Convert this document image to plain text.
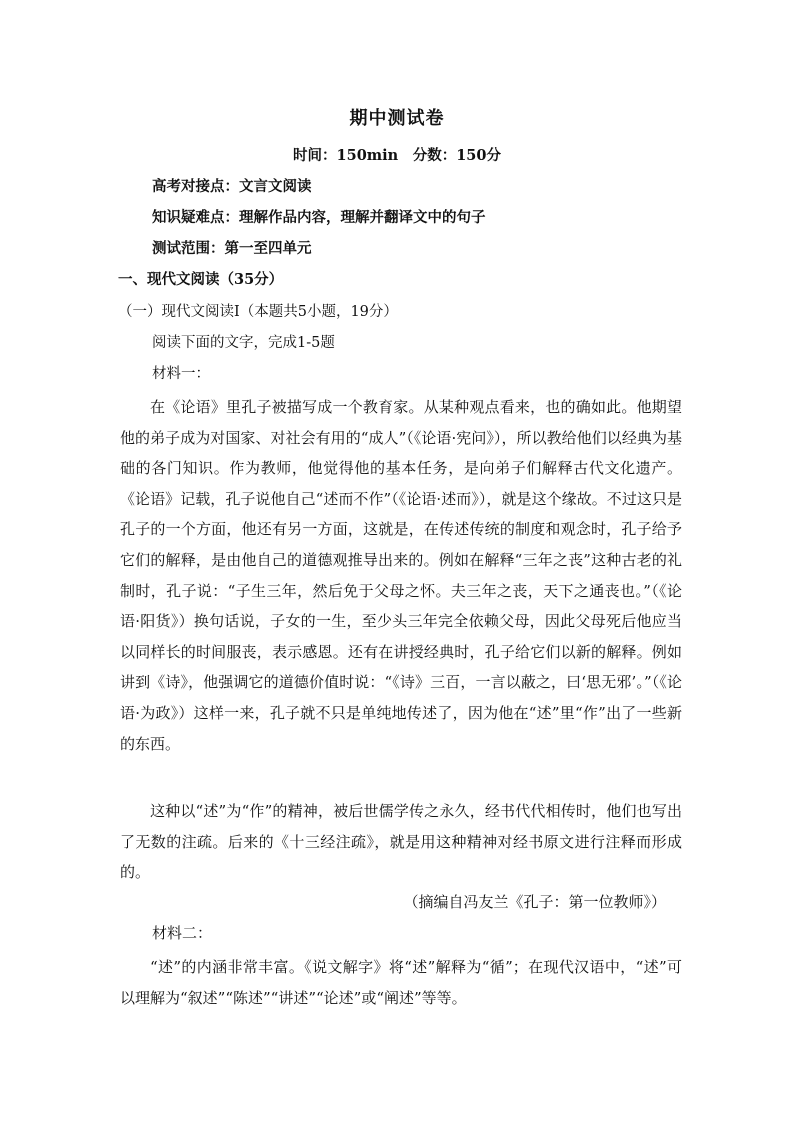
期中测试卷
时间：150min　分数：150分
高考对接点：文言文阅读
知识疑难点：理解作品内容，理解并翻译文中的句子
测试范围：第一至四单元
一、现代文阅读（35分）
（一）现代文阅读Ⅰ（本题共5小题，19分）
阅读下面的文字，完成1-5题
材料一：

在《论语》里孔子被描写成一个教育家。从某种观点看来，也的确如此。他期望他的弟子成为对国家、对社会有用的“成人”（《论语·宪问》），所以教给他们以经典为基础的各门知识。作为教师，他觉得他的基本任务，是向弟子们解释古代文化遗产。《论语》记载，孔子说他自己“述而不作”（《论语·述而》），就是这个缘故。不过这只是孔子的一个方面，他还有另一方面，这就是，在传述传统的制度和观念时，孔子给予它们的解释，是由他自己的道德观推导出来的。例如在解释“三年之丧”这种古老的礼制时，孔子说：“子生三年，然后免于父母之怀。夫三年之丧，天下之通丧也。”（《论语·阳货》）换句话说，子女的一生，至少头三年完全依赖父母，因此父母死后他应当以同样长的时间服丧，表示感恩。还有在讲授经典时，孔子给它们以新的解释。例如讲到《诗》，他强调它的道德价值时说：“《诗》三百，一言以蔽之，曰‘思无邪’。”（《论语·为政》）这样一来，孔子就不只是单纯地传述了，因为他在“述”里“作”出了一些新的东西。

这种以“述”为“作”的精神，被后世儒学传之永久，经书代代相传时，他们也写出了无数的注疏。后来的《十三经注疏》，就是用这种精神对经书原文进行注释而形成的。

（摘编自冯友兰《孔子：第一位教师》）
材料二：

“述”的内涵非常丰富。《说文解字》将“述”解释为“循”；在现代汉语中，“述”可以理解为“叙述”“陈述”“讲述”“论述”或“阐述”等等。
